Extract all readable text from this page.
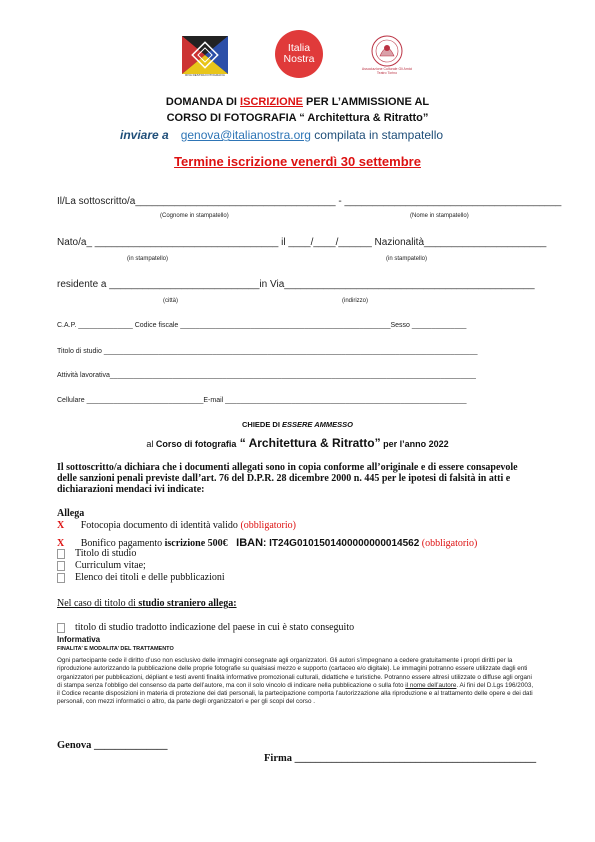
RIVA DESTRA FOTOGRAFIA
Italia Nostra
Associazione Culturale Gli Amici Teatro Torino
DOMANDA DI ISCRIZIONE PER L’AMMISSIONE AL
CORSO DI FOTOGRAFIA “ Architettura & Ritratto”
inviare a genova@italianostra.org compilata in stampatello
Termine iscrizione venerdì 30 settembre
Il/La sottoscritto/a____________________________________ - _______________________________________
(Cognome in stampatello)	(Nome in stampatello)
Nato/a_ _________________________________ il ____/____/______ Nazionalità______________________
(in stampatello)	(in stampatello)
residente a ___________________________in Via_____________________________________________
(città)	(indirizzo)
C.A.P. ______________ Codice fiscale ______________________________________________________Sesso ______________
Titolo di studio ________________________________________________________________________________________________
Attività lavorativa______________________________________________________________________________________________
Cellulare ______________________________E-mail ______________________________________________________________
CHIEDE DI ESSERE AMMESSO
al Corso di fotografia “ Architettura & Ritratto” per l’anno 2022
Il sottoscritto/a dichiara che i documenti allegati sono in copia conforme all’originale e di essere consapevole delle sanzioni penali previste dall’art. 76 del D.P.R. 28 dicembre 2000 n. 445 per le ipotesi di falsità in atti e dichiarazioni mendaci ivi indicate:
Allega
X Fotocopia documento di identità valido (obbligatorio)
X Bonifico pagamento iscrizione 500€ IBAN: IT24G0101501400000000014562 (obbligatorio)
Titolo di studio
Curriculum vitae;
Elenco dei titoli e delle pubblicazioni
Nel caso di titolo di studio straniero allega:
titolo di studio tradotto indicazione del paese in cui è stato conseguito
Informativa
FINALITA’ E MODALITA’ DEL TRATTAMENTO
Ogni partecipante cede il diritto d’uso non esclusivo delle immagini consegnate agli organizzatori. Gli autori s’impegnano a cedere gratuitamente i propri diritti per la riproduzione autorizzando la pubblicazione delle proprie fotografie su qualsiasi mezzo e supporto (cartaceo e/o digitale). Le immagini potranno essere utilizzate dagli enti organizzatori per pubblicazioni, dépliant e testi aventi finalità informative promozionali culturali, didattiche e turistiche. Potranno essere altresì utilizzate o diffuse agli organi di stampa senza l’obbligo del consenso da parte dell’autore, ma con il solo vincolo di indicare nella pubblicazione o sulla foto il nome dell’autore. Ai fini del D.Lgs 196/2003, il Codice recante disposizioni in materia di protezione dei dati personali, la partecipazione comporta l’autorizzazione alla riproduzione e al trattamento delle opere e dei dati personali, con mezzi informatici o altro, da parte degli organizzatori e per gli scopi del corso .
Genova ______________
Firma ______________________________________________
